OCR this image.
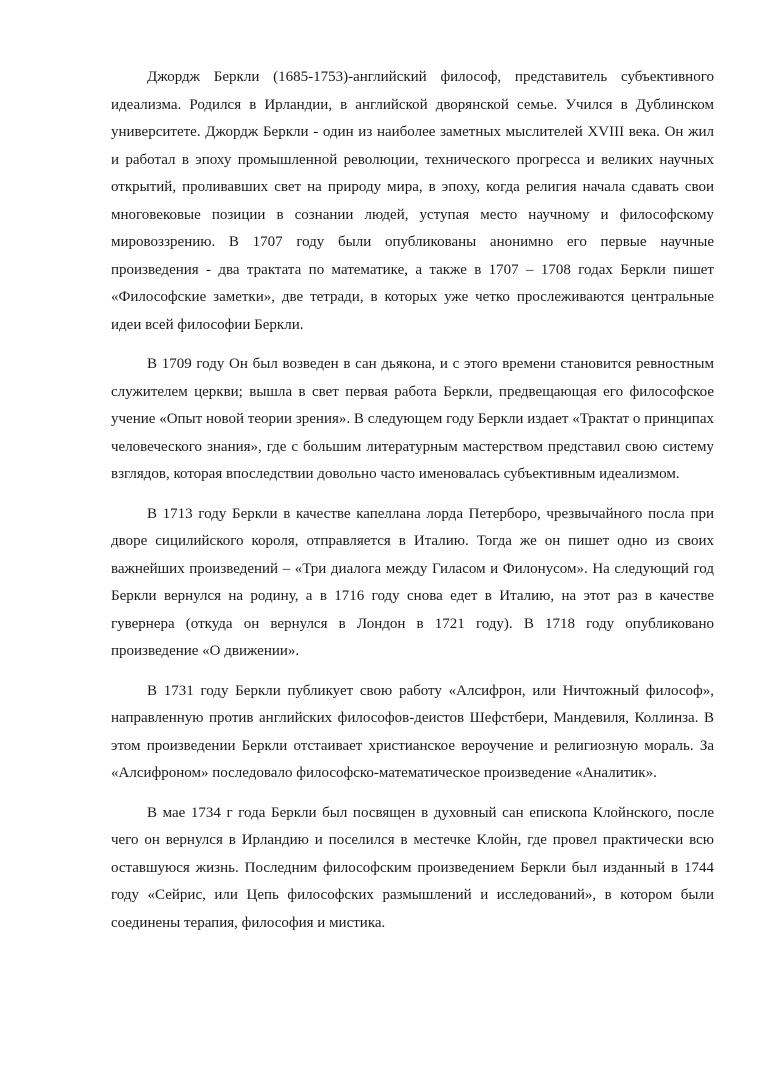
Джордж Беркли (1685-1753)-английский философ, представитель субъективного идеализма. Родился в Ирландии, в английской дворянской семье. Учился в Дублинском университете. Джордж Беркли - один из наиболее заметных мыслителей XVIII века. Он жил и работал в эпоху промышленной революции, технического прогресса и великих научных открытий, проливавших свет на природу мира, в эпоху, когда религия начала сдавать свои многовековые позиции в сознании людей, уступая место научному и философскому мировоззрению. В 1707 году были опубликованы анонимно его первые научные произведения - два трактата по математике, а также в 1707 – 1708 годах Беркли пишет «Философские заметки», две тетради, в которых уже четко прослеживаются центральные идеи всей философии Беркли.

В 1709 году Он был возведен в сан дьякона, и с этого времени становится ревностным служителем церкви; вышла в свет первая работа Беркли, предвещающая его философское учение «Опыт новой теории зрения». В следующем году Беркли издает «Трактат о принципах человеческого знания», где с большим литературным мастерством представил свою систему взглядов, которая впоследствии довольно часто именовалась субъективным идеализмом.

В 1713 году Беркли в качестве капеллана лорда Петерборо, чрезвычайного посла при дворе сицилийского короля, отправляется в Италию. Тогда же он пишет одно из своих важнейших произведений – «Три диалога между Гиласом и Филонусом». На следующий год Беркли вернулся на родину, а в 1716 году снова едет в Италию, на этот раз в качестве гувернера (откуда он вернулся в Лондон в 1721 году). В 1718 году опубликовано произведение «О движении».

В 1731 году Беркли публикует свою работу «Алсифрон, или Ничтожный философ», направленную против английских философов-деистов Шефстбери, Мандевиля, Коллинза. В этом произведении Беркли отстаивает христианское вероучение и религиозную мораль. За «Алсифроном» последовало философско-математическое произведение «Аналитик».

В мае 1734 г года Беркли был посвящен в духовный сан епископа Клойнского, после чего он вернулся в Ирландию и поселился в местечке Клойн, где провел практически всю оставшуюся жизнь. Последним философским произведением Беркли был изданный в 1744 году «Сейрис, или Цепь философских размышлений и исследований», в котором были соединены терапия, философия и мистика.
